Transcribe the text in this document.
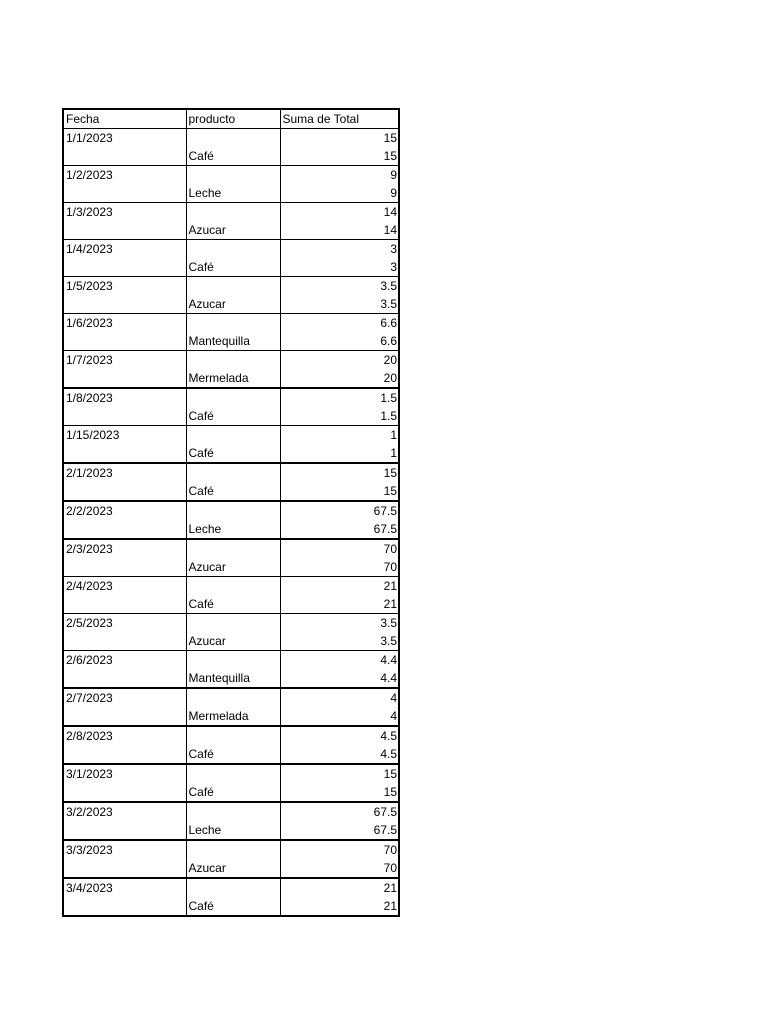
Fecha	producto	Suma de Total
1/1/2023		15
	Café	15
1/2/2023		9
	Leche	9
1/3/2023		14
	Azucar	14
1/4/2023		3
	Café	3
1/5/2023		3.5
	Azucar	3.5
1/6/2023		6.6
	Mantequilla	6.6
1/7/2023		20
	Mermelada	20
1/8/2023		1.5
	Café	1.5
1/15/2023		1
	Café	1
2/1/2023		15
	Café	15
2/2/2023		67.5
	Leche	67.5
2/3/2023		70
	Azucar	70
2/4/2023		21
	Café	21
2/5/2023		3.5
	Azucar	3.5
2/6/2023		4.4
	Mantequilla	4.4
2/7/2023		4
	Mermelada	4
2/8/2023		4.5
	Café	4.5
3/1/2023		15
	Café	15
3/2/2023		67.5
	Leche	67.5
3/3/2023		70
	Azucar	70
3/4/2023		21
	Café	21
